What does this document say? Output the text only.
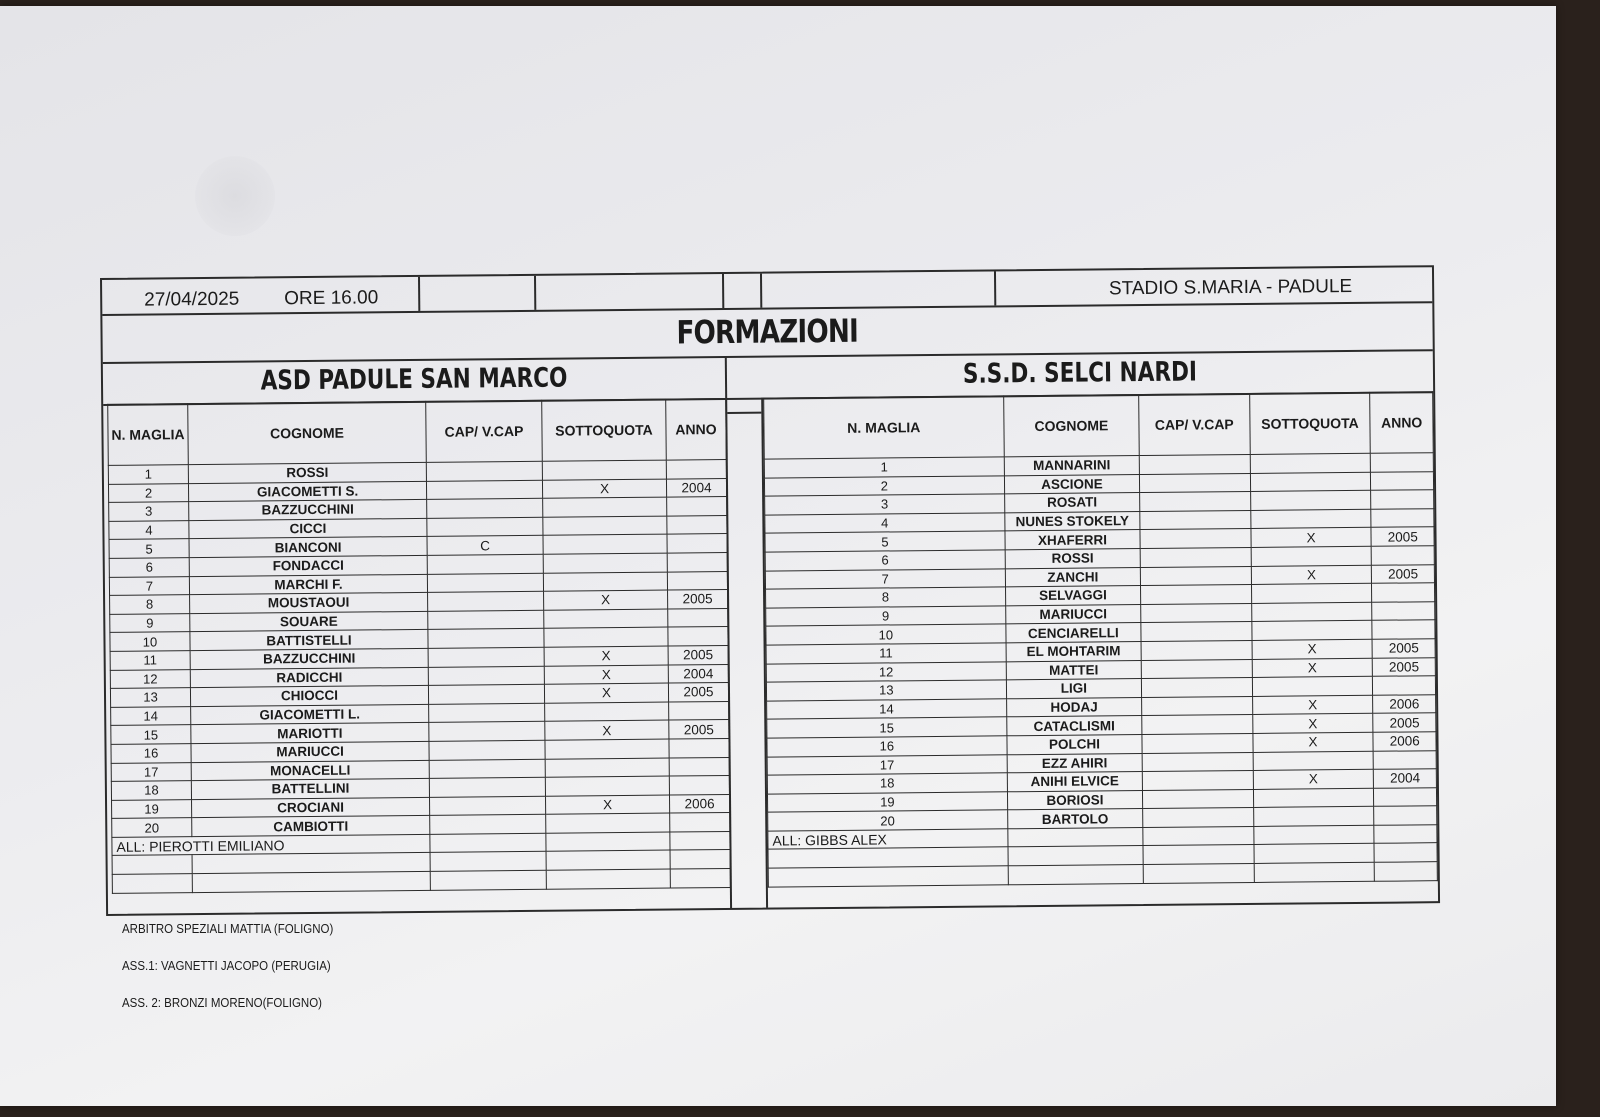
27/04/2025 ORE 16.00	STADIO S.MARIA - PADULE
FORMAZIONI
ASD PADULE SAN MARCO	S.S.D. SELCI NARDI
N. MAGLIA	COGNOME	CAP/ V.CAP	SOTTOQUOTA	ANNO
1	ROSSI			
2	GIACOMETTI S.		X	2004
3	BAZZUCCHINI			
4	CICCI			
5	BIANCONI	C		
6	FONDACCI			
7	MARCHI F.			
8	MOUSTAOUI		X	2005
9	SOUARE			
10	BATTISTELLI			
11	BAZZUCCHINI		X	2005
12	RADICCHI		X	2004
13	CHIOCCI		X	2005
14	GIACOMETTI L.			
15	MARIOTTI		X	2005
16	MARIUCCI			
17	MONACELLI			
18	BATTELLINI			
19	CROCIANI		X	2006
20	CAMBIOTTI			
ALL: PIEROTTI EMILIANO				

N. MAGLIA	COGNOME	CAP/ V.CAP	SOTTOQUOTA	ANNO
1	MANNARINI			
2	ASCIONE			
3	ROSATI			
4	NUNES STOKELY			
5	XHAFERRI		X	2005
6	ROSSI			
7	ZANCHI		X	2005
8	SELVAGGI			
9	MARIUCCI			
10	CENCIARELLI			
11	EL MOHTARIM		X	2005
12	MATTEI		X	2005
13	LIGI			
14	HODAJ		X	2006
15	CATACLISMI		X	2005
16	POLCHI		X	2006
17	EZZ AHIRI			
18	ANIHI ELVICE		X	2004
19	BORIOSI			
20	BARTOLO			
ALL: GIBBS ALEX				

ARBITRO SPEZIALI MATTIA (FOLIGNO)
ASS.1: VAGNETTI JACOPO (PERUGIA)
ASS. 2: BRONZI MORENO(FOLIGNO)
